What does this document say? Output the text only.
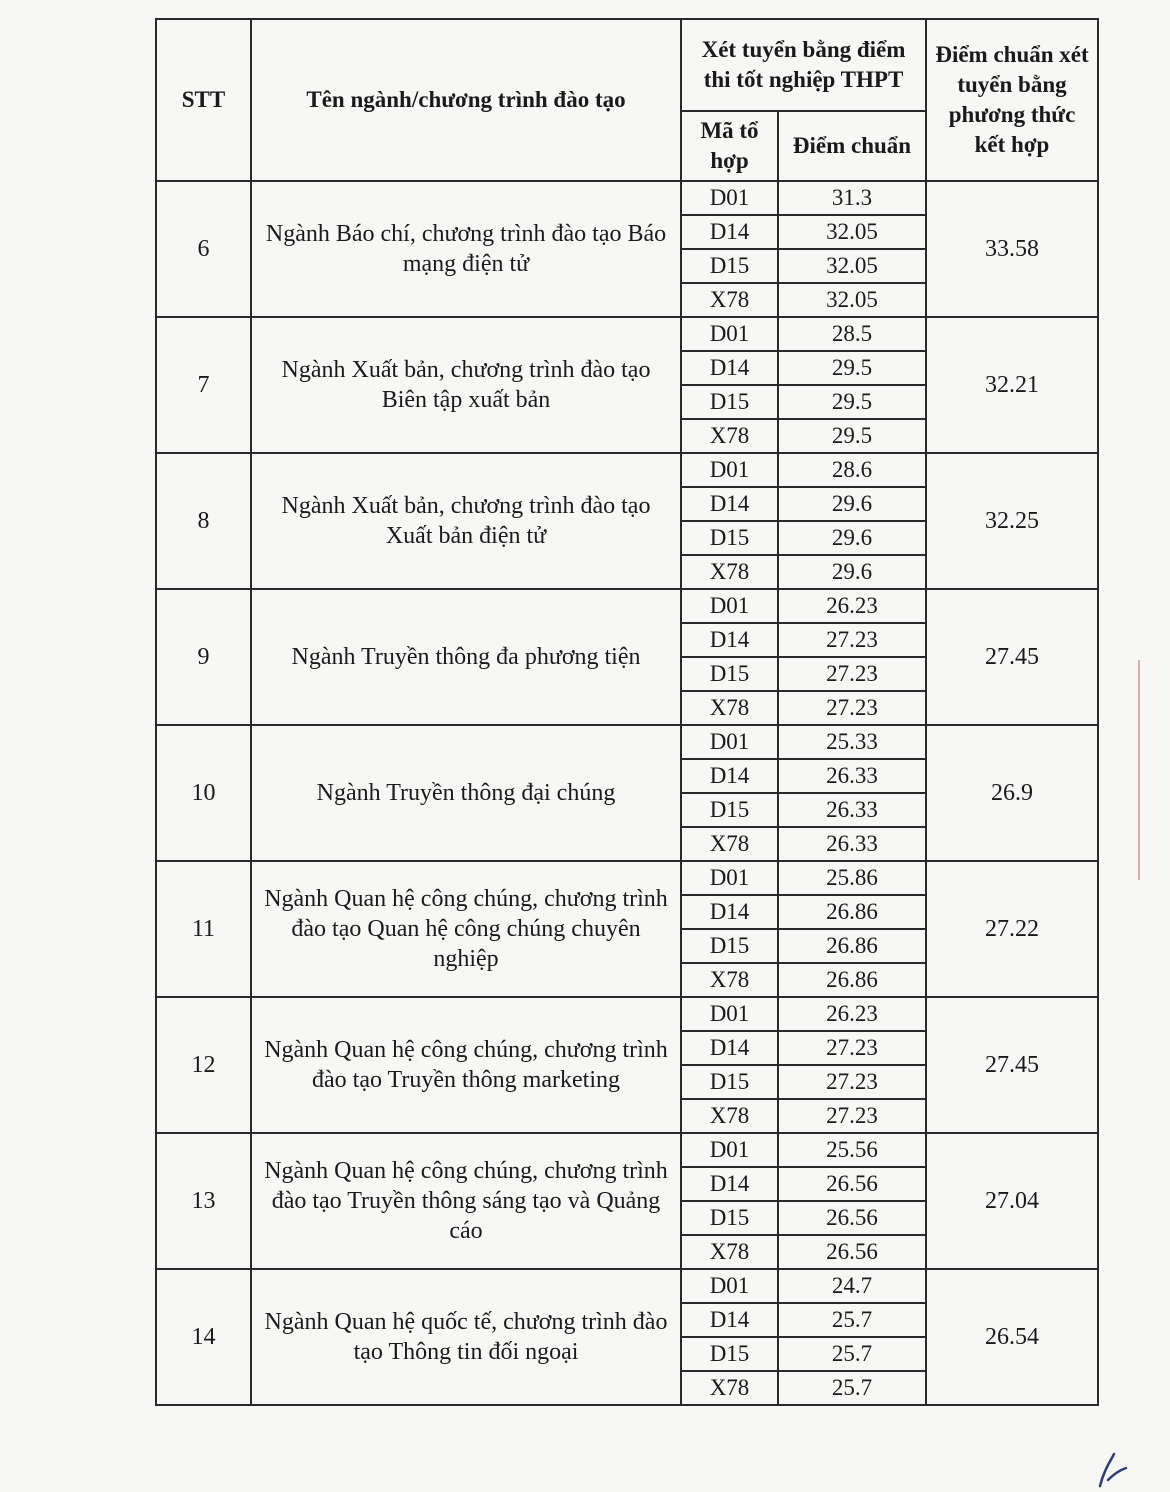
STT	Tên ngành/chương trình đào tạo	Xét tuyển bằng điểm thi tốt nghiệp THPT		Điểm chuẩn xét tuyển bằng phương thức kết hợp
		Mã tổ hợp	Điểm chuẩn	
6	Ngành Báo chí, chương trình đào tạo Báo mạng điện tử	D01	31.3	33.58
		D14	32.05	
		D15	32.05	
		X78	32.05	
7	Ngành Xuất bản, chương trình đào tạo Biên tập xuất bản	D01	28.5	32.21
		D14	29.5	
		D15	29.5	
		X78	29.5	
8	Ngành Xuất bản, chương trình đào tạo Xuất bản điện tử	D01	28.6	32.25
		D14	29.6	
		D15	29.6	
		X78	29.6	
9	Ngành Truyền thông đa phương tiện	D01	26.23	27.45
		D14	27.23	
		D15	27.23	
		X78	27.23	
10	Ngành Truyền thông đại chúng	D01	25.33	26.9
		D14	26.33	
		D15	26.33	
		X78	26.33	
11	Ngành Quan hệ công chúng, chương trình đào tạo Quan hệ công chúng chuyên nghiệp	D01	25.86	27.22
		D14	26.86	
		D15	26.86	
		X78	26.86	
12	Ngành Quan hệ công chúng, chương trình đào tạo Truyền thông marketing	D01	26.23	27.45
		D14	27.23	
		D15	27.23	
		X78	27.23	
13	Ngành Quan hệ công chúng, chương trình đào tạo Truyền thông sáng tạo và Quảng cáo	D01	25.56	27.04
		D14	26.56	
		D15	26.56	
		X78	26.56	
14	Ngành Quan hệ quốc tế, chương trình đào tạo Thông tin đối ngoại	D01	24.7	26.54
		D14	25.7	
		D15	25.7	
		X78	25.7	
